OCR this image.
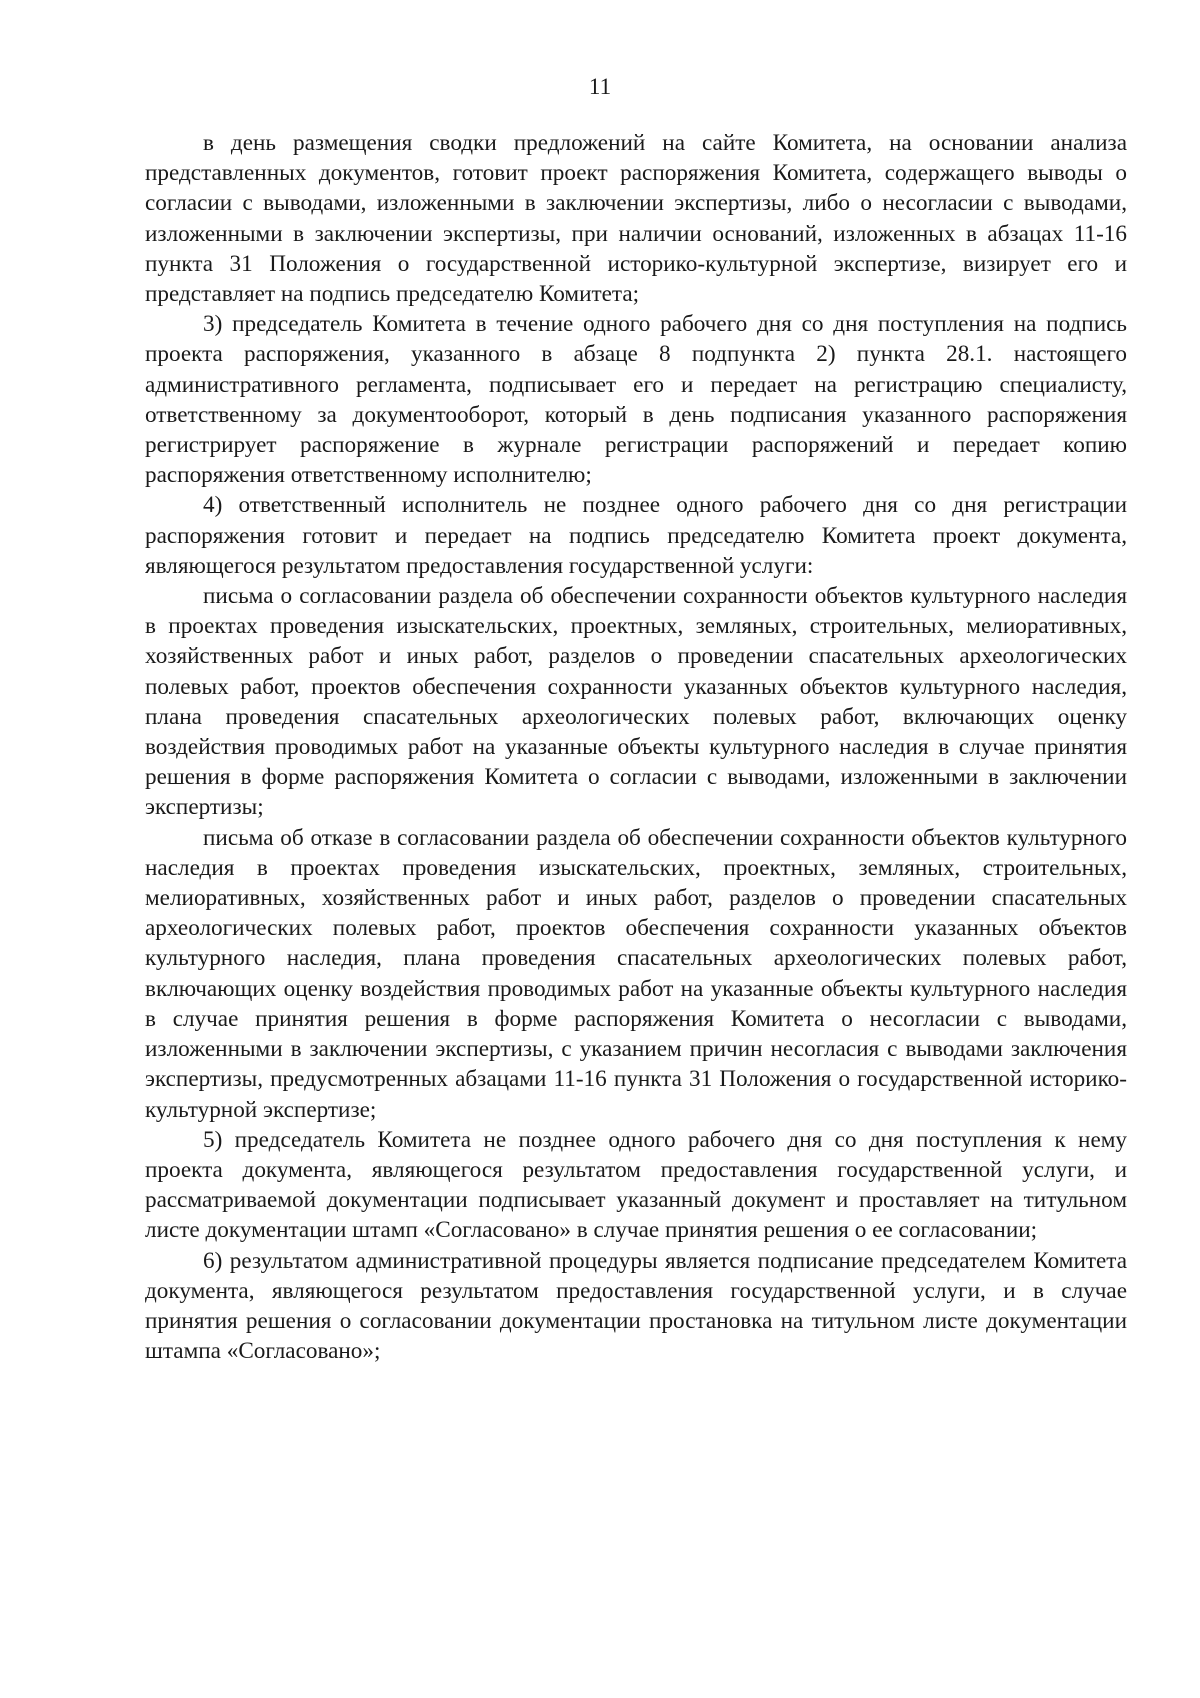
11

в день размещения сводки предложений на сайте Комитета, на основании анализа представленных документов, готовит проект распоряжения Комитета, содержащего выводы о согласии с выводами, изложенными в заключении экспертизы, либо о несогласии с выводами, изложенными в заключении экспертизы, при наличии оснований, изложенных в абзацах 11-16 пункта 31 Положения о государственной историко-культурной экспертизе, визирует его и представляет на подпись председателю Комитета;

3) председатель Комитета в течение одного рабочего дня со дня поступления на подпись проекта распоряжения, указанного в абзаце 8 подпункта 2) пункта 28.1. настоящего административного регламента, подписывает его и передает на регистрацию специалисту, ответственному за документооборот, который в день подписания указанного распоряжения регистрирует распоряжение в журнале регистрации распоряжений и передает копию распоряжения ответственному исполнителю;

4) ответственный исполнитель не позднее одного рабочего дня со дня регистрации распоряжения готовит и передает на подпись председателю Комитета проект документа, являющегося результатом предоставления государственной услуги:

письма о согласовании раздела об обеспечении сохранности объектов культурного наследия в проектах проведения изыскательских, проектных, земляных, строительных, мелиоративных, хозяйственных работ и иных работ, разделов о проведении спасательных археологических полевых работ, проектов обеспечения сохранности указанных объектов культурного наследия, плана проведения спасательных археологических полевых работ, включающих оценку воздействия проводимых работ на указанные объекты культурного наследия в случае принятия решения в форме распоряжения Комитета о согласии с выводами, изложенными в заключении экспертизы;

письма об отказе в согласовании раздела об обеспечении сохранности объектов культурного наследия в проектах проведения изыскательских, проектных, земляных, строительных, мелиоративных, хозяйственных работ и иных работ, разделов о проведении спасательных археологических полевых работ, проектов обеспечения сохранности указанных объектов культурного наследия, плана проведения спасательных археологических полевых работ, включающих оценку воздействия проводимых работ на указанные объекты культурного наследия в случае принятия решения в форме распоряжения Комитета о несогласии с выводами, изложенными в заключении экспертизы, с указанием причин несогласия с выводами заключения экспертизы, предусмотренных абзацами 11-16 пункта 31 Положения о государственной историко-культурной экспертизе;

5) председатель Комитета не позднее одного рабочего дня со дня поступления к нему проекта документа, являющегося результатом предоставления государственной услуги, и рассматриваемой документации подписывает указанный документ и проставляет на титульном листе документации штамп «Согласовано» в случае принятия решения о ее согласовании;

6) результатом административной процедуры является подписание председателем Комитета документа, являющегося результатом предоставления государственной услуги, и в случае принятия решения о согласовании документации простановка на титульном листе документации штампа «Согласовано»;
